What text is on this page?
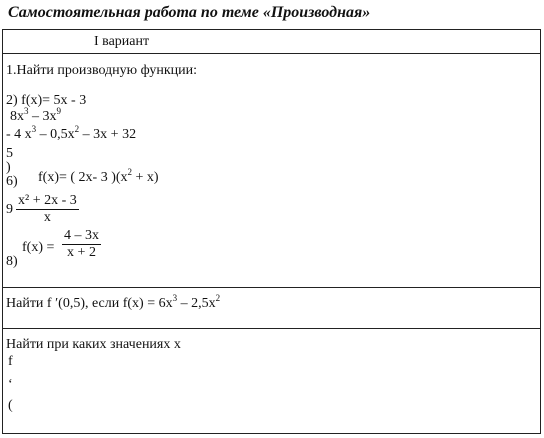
Самостоятельная работа по теме «Производная»
I вариант
1.Найти производную функции:
2) f(x)= 5x - 3
$8x^3 - 3x^9$
- 4 $x^3 - 0,5x^2 - 3x + 32$
5
)
6) f(x)= ( 2x- 3 )$(x^2 + x)$
$9 \frac{\text{x² + 2x - 3}}{x}$
$f(x) = \frac{4 - 3x}{x + 2}$
8)
Найти f ′(0,5), если $f(x) = 6x^3 - 2,5x^2$
Найти при каких значениях x
f
‘
(
